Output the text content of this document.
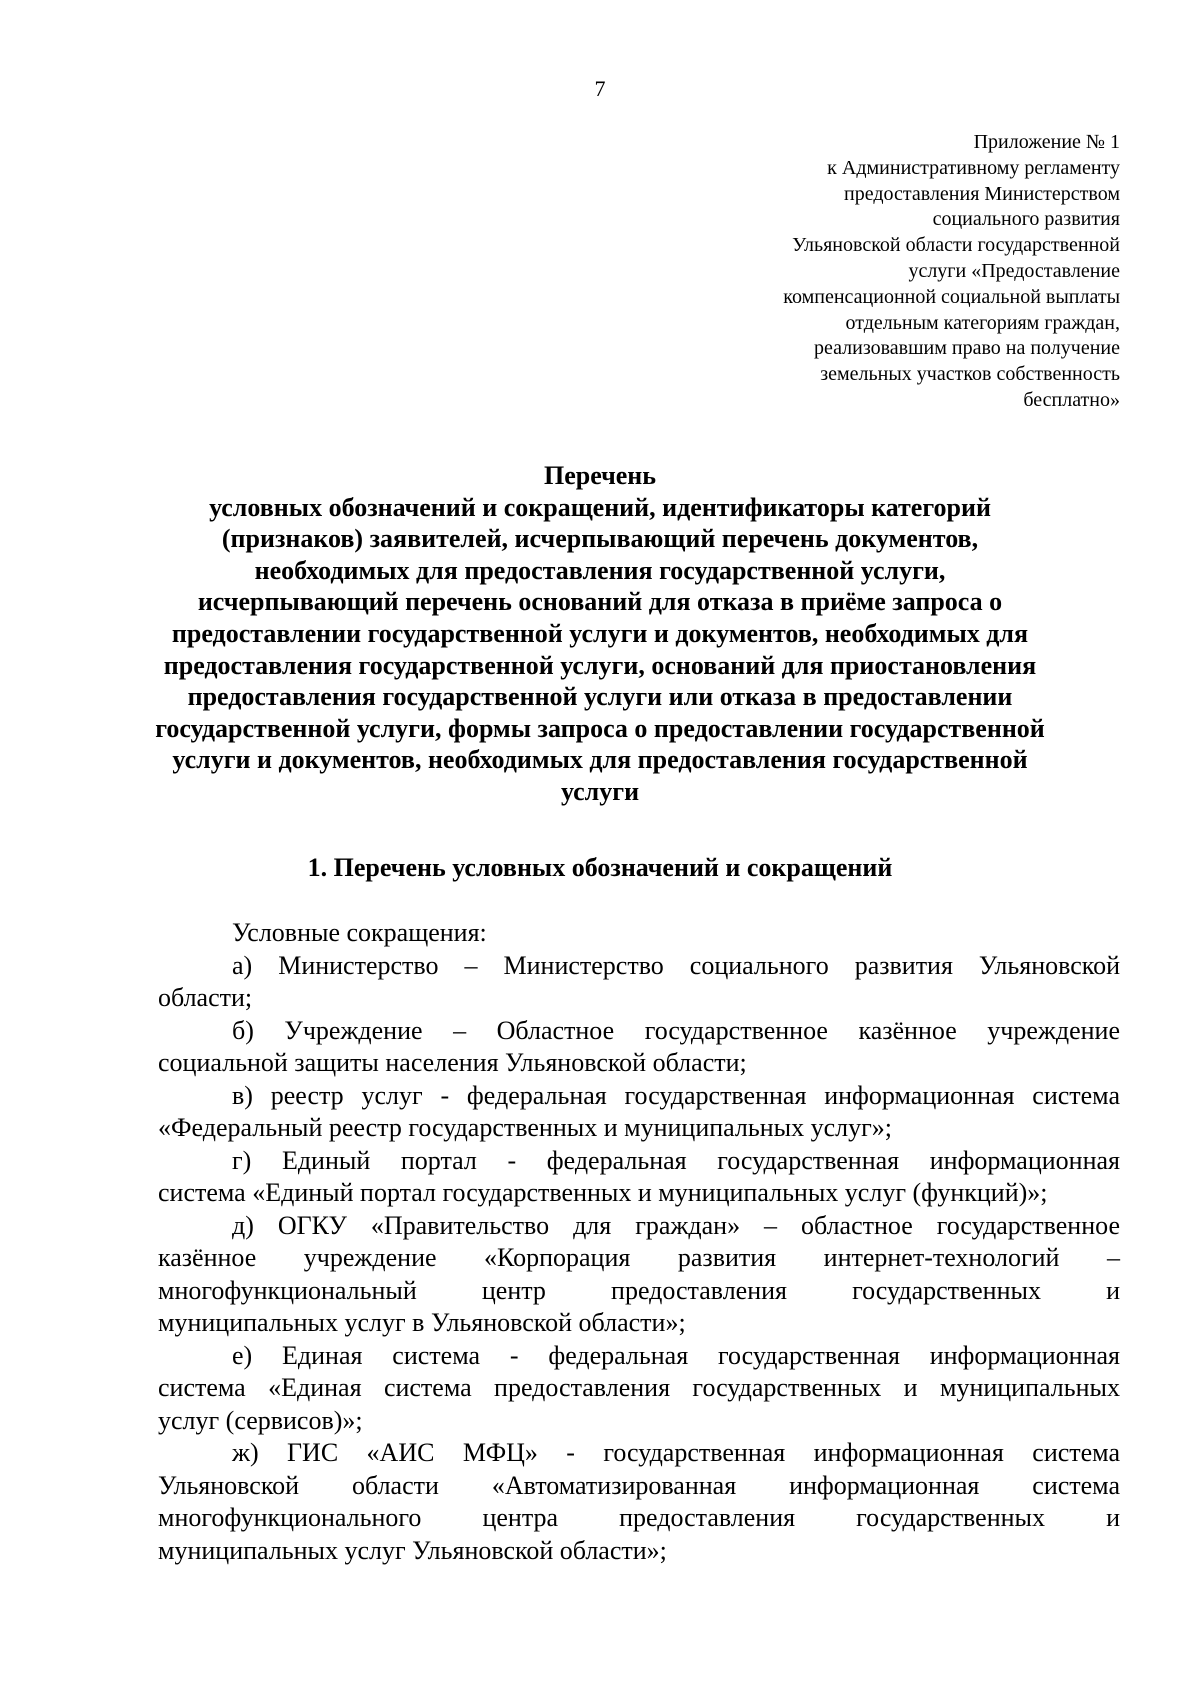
7
Приложение № 1
к Административному регламенту
предоставления Министерством
социального развития
Ульяновской области государственной
услуги «Предоставление
компенсационной социальной выплаты
отдельным категориям граждан,
реализовавшим право на получение
земельных участков собственность
бесплатно»
Перечень
условных обозначений и сокращений, идентификаторы категорий
(признаков) заявителей, исчерпывающий перечень документов,
необходимых для предоставления государственной услуги,
исчерпывающий перечень оснований для отказа в приёме запроса о
предоставлении государственной услуги и документов, необходимых для
предоставления государственной услуги, оснований для приостановления
предоставления государственной услуги или отказа в предоставлении
государственной услуги, формы запроса о предоставлении государственной
услуги и документов, необходимых для предоставления государственной
услуги
1. Перечень условных обозначений и сокращений
Условные сокращения:
а) Министерство – Министерство социального развития Ульяновской
области;
б) Учреждение – Областное государственное казённое учреждение
социальной защиты населения Ульяновской области;
в) реестр услуг - федеральная государственная информационная система
«Федеральный реестр государственных и муниципальных услуг»;
г) Единый портал - федеральная государственная информационная
система «Единый портал государственных и муниципальных услуг (функций)»;
д) ОГКУ «Правительство для граждан» – областное государственное
казённое учреждение «Корпорация развития интернет-технологий –
многофункциональный центр предоставления государственных и
муниципальных услуг в Ульяновской области»;
е) Единая система - федеральная государственная информационная
система «Единая система предоставления государственных и муниципальных
услуг (сервисов)»;
ж) ГИС «АИС МФЦ» - государственная информационная система
Ульяновской области «Автоматизированная информационная система
многофункционального центра предоставления государственных и
муниципальных услуг Ульяновской области»;
